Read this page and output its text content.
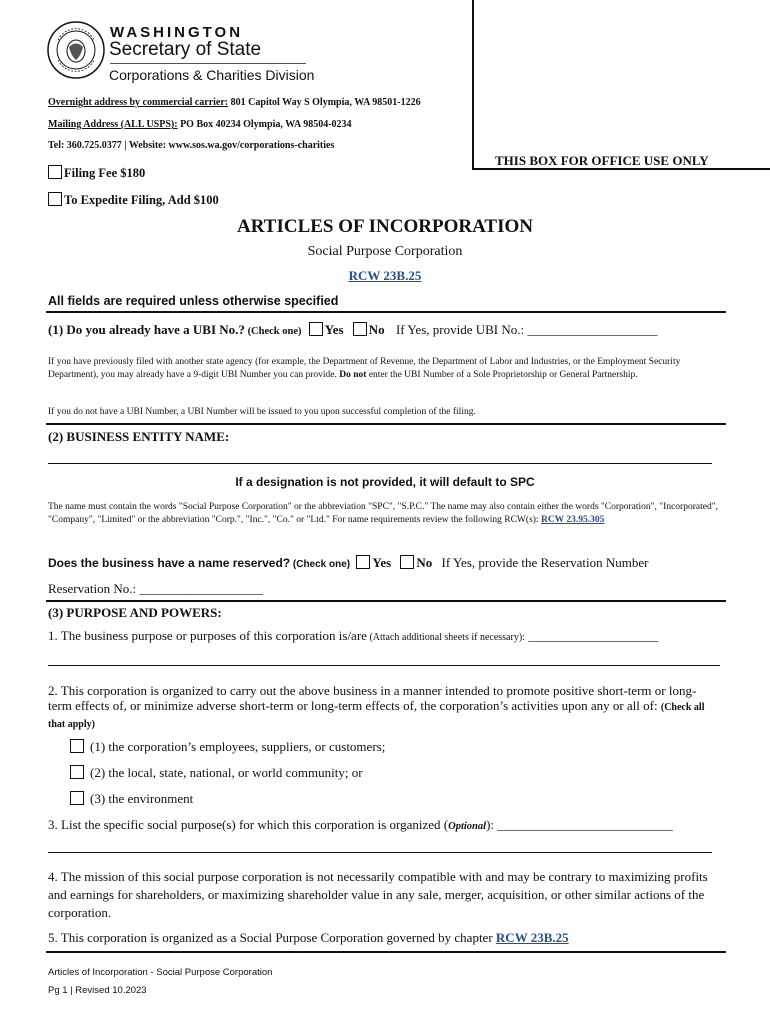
THIS BOX FOR OFFICE USE ONLY
WASHINGTON
Secretary of State
Corporations & Charities Division
Overnight address by commercial carrier: 801 Capitol Way S Olympia, WA 98501-1226
Mailing Address (ALL USPS): PO Box 40234 Olympia, WA 98504-0234
Tel: 360.725.0377 | Website: www.sos.wa.gov/corporations-charities
Filing Fee $180
To Expedite Filing, Add $100
ARTICLES OF INCORPORATION
Social Purpose Corporation
RCW 23B.25
All fields are required unless otherwise specified
(1) Do you already have a UBI No.? (Check one) Yes No If Yes, provide UBI No.: ____________________
If you have previously filed with another state agency (for example, the Department of Revenue, the Department of Labor and Industries, or the Employment Security Department), you may already have a 9-digit UBI Number you can provide. Do not enter the UBI Number of a Sole Proprietorship or General Partnership.
If you do not have a UBI Number, a UBI Number will be issued to you upon successful completion of the filing.
(2) BUSINESS ENTITY NAME:
If a designation is not provided, it will default to SPC
The name must contain the words "Social Purpose Corporation" or the abbreviation "SPC", "S.P.C." The name may also contain either the words "Corporation", "Incorporated", "Company", "Limited" or the abbreviation "Corp.", "Inc.", "Co." or "Ltd." For name requirements review the following RCW(s): RCW 23.95.305
Does the business have a name reserved? (Check one) Yes No If Yes, provide the Reservation Number
Reservation No.: ___________________
(3) PURPOSE AND POWERS:
1. The business purpose or purposes of this corporation is/are (Attach additional sheets if necessary): ____________________
2. This corporation is organized to carry out the above business in a manner intended to promote positive short-term or long-term effects of, or minimize adverse short-term or long-term effects of, the corporation’s activities upon any or all of: (Check all that apply)
(1) the corporation’s employees, suppliers, or customers;
(2) the local, state, national, or world community; or
(3) the environment
3. List the specific social purpose(s) for which this corporation is organized (Optional): ___________________________
4. The mission of this social purpose corporation is not necessarily compatible with and may be contrary to maximizing profits and earnings for shareholders, or maximizing shareholder value in any sale, merger, acquisition, or other similar actions of the corporation.
5. This corporation is organized as a Social Purpose Corporation governed by chapter RCW 23B.25
Articles of Incorporation - Social Purpose Corporation
Pg 1 | Revised 10.2023
